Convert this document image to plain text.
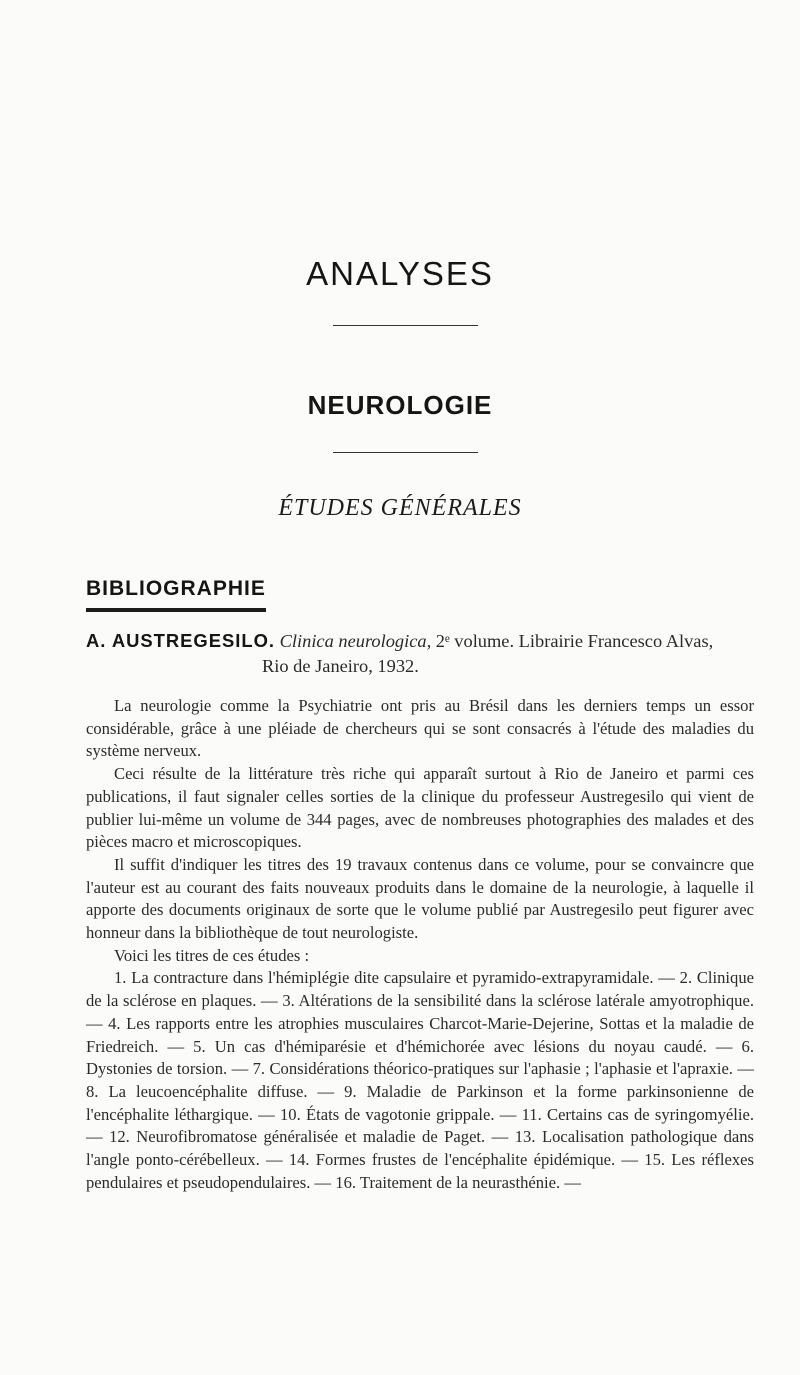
ANALYSES
NEUROLOGIE
ÉTUDES GÉNÉRALES
BIBLIOGRAPHIE
A. AUSTREGESILO. Clinica neurologica, 2ᵉ volume. Librairie Francesco Alvas,
Rio de Janeiro, 1932.

La neurologie comme la Psychiatrie ont pris au Brésil dans les derniers temps un essor considérable, grâce à une pléiade de chercheurs qui se sont consacrés à l'étude des maladies du système nerveux.

Ceci résulte de la littérature très riche qui apparaît surtout à Rio de Janeiro et parmi ces publications, il faut signaler celles sorties de la clinique du professeur Austregesilo qui vient de publier lui-même un volume de 344 pages, avec de nombreuses photographies des malades et des pièces macro et microscopiques.

Il suffit d'indiquer les titres des 19 travaux contenus dans ce volume, pour se convaincre que l'auteur est au courant des faits nouveaux produits dans le domaine de la neurologie, à laquelle il apporte des documents originaux de sorte que le volume publié par Austregesilo peut figurer avec honneur dans la bibliothèque de tout neurologiste.

Voici les titres de ces études :

1. La contracture dans l'hémiplégie dite capsulaire et pyramido-extrapyramidale. — 2. Clinique de la sclérose en plaques. — 3. Altérations de la sensibilité dans la sclérose latérale amyotrophique. — 4. Les rapports entre les atrophies musculaires Charcot-Marie-Dejerine, Sottas et la maladie de Friedreich. — 5. Un cas d'hémiparésie et d'hémichorée avec lésions du noyau caudé. — 6. Dystonies de torsion. — 7. Considérations théorico-pratiques sur l'aphasie ; l'aphasie et l'apraxie. — 8. La leucoencéphalite diffuse. — 9. Maladie de Parkinson et la forme parkinsonienne de l'encéphalite léthargique. — 10. États de vagotonie grippale. — 11. Certains cas de syringomyélie. — 12. Neurofibromatose généralisée et maladie de Paget. — 13. Localisation pathologique dans l'angle ponto-cérébelleux. — 14. Formes frustes de l'encéphalite épidémique. — 15. Les réflexes pendulaires et pseudopendulaires. — 16. Traitement de la neurasthénie. —
